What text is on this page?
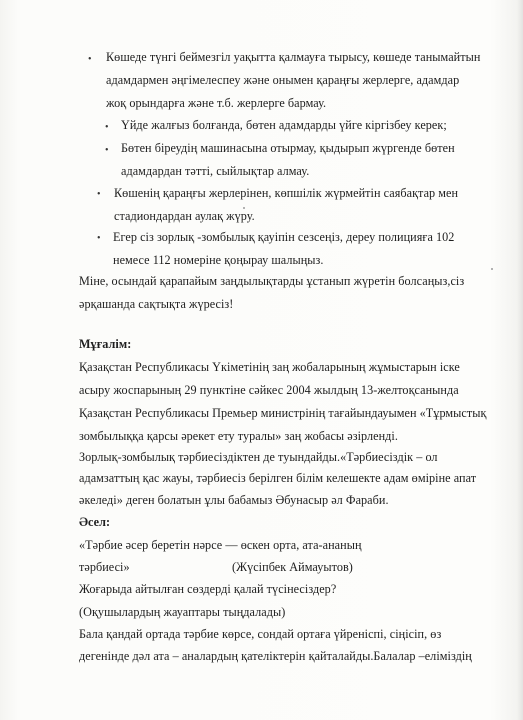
• Көшеде түнгі беймезгіл уақытта қалмауға тырысу, көшеде танымайтын
адамдармен әңгімелеспеу және онымен қараңғы жерлерге, адамдар
жоқ орындарға және т.б. жерлерге бармау.
• Үйде жалғыз болғанда, бөтен адамдарды үйге кіргізбеу керек;
• Бөтен біреудің машинасына отырмау, қыдырып жүргенде бөтен
адамдардан тәтті, сыйлықтар алмау.
• Көшенің қараңғы жерлерінен, көпшілік жүрмейтін саябақтар мен
стадиондардан аулақ жүру.
• Егер сіз зорлық -зомбылық қауіпін сезсеңіз, дереу полицияға 102
немесе 112 номеріне қоңырау шалыңыз.
Міне, осындай қарапайым заңдылықтарды ұстанып жүретін болсаңыз,сіз
әрқашанда сақтықта жүресіз!
Мұғалім:
Қазақстан Республикасы Үкіметінің заң жобаларының жұмыстарын іске
асыру жоспарының 29 пунктіне сәйкес 2004 жылдың 13-желтоқсанында
Қазақстан Республикасы Премьер министрінің тағайындауымен «Тұрмыстық
зомбылыққа қарсы әрекет ету туралы» заң жобасы әзірленді.
Зорлық-зомбылық тәрбиесіздіктен де туындайды.«Тәрбиесіздік – ол
адамзаттың қас жауы, тәрбиесіз берілген білім келешекте адам өміріне апат
әкеледі» деген болатын ұлы бабамыз Әбунасыр әл Фараби.
Әсел:
«Тәрбие әсер беретін нәрсе — өскен орта, ата-ананың
тәрбиесі»	(Жүсіпбек Аймауытов)
Жоғарыда айтылған сөздерді қалай түсінесіздер?
(Оқушылардың жауаптары тыңдалады)
Бала қандай ортада тәрбие көрсе, сондай ортаға үйреніспі, сіңісіп, өз
дегенінде дәл ата – аналардың қателіктерін қайталайды.Балалар –еліміздің
